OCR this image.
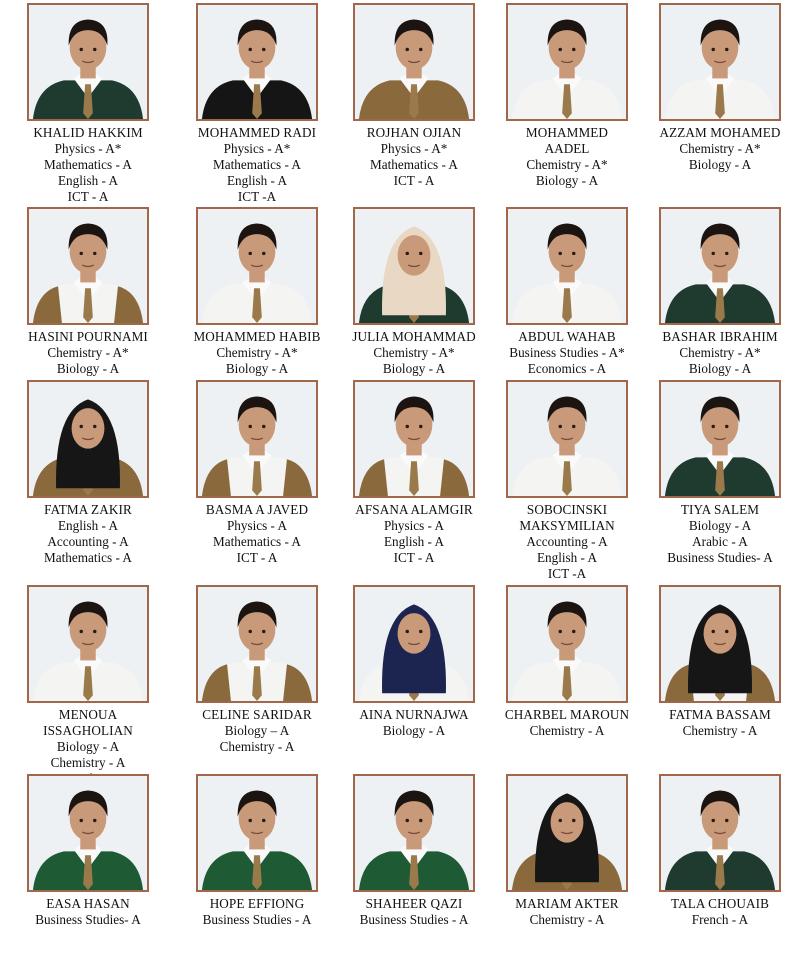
KHALID HAKKIM
Physics - A*
Mathematics - A
English - A
ICT - A
MOHAMMED RADI
Physics - A*
Mathematics - A
English - A
ICT -A
ROJHAN OJIAN
Physics - A*
Mathematics - A
ICT - A
MOHAMMED
AADEL
Chemistry - A*
Biology - A
AZZAM MOHAMED
Chemistry - A*
Biology - A
HASINI POURNAMI
Chemistry - A*
Biology - A
MOHAMMED HABIB
Chemistry - A*
Biology - A
JULIA MOHAMMAD
Chemistry - A*
Biology - A
ABDUL WAHAB
Business Studies - A*
Economics - A
BASHAR IBRAHIM
Chemistry - A*
Biology - A
FATMA ZAKIR
English - A
Accounting - A
Mathematics - A
BASMA A JAVED
Physics - A
Mathematics - A
ICT - A
AFSANA ALAMGIR
Physics - A
English - A
ICT - A
SOBOCINSKI
MAKSYMILIAN
Accounting - A
English - A
ICT -A
TIYA SALEM
Biology - A
Arabic - A
Business Studies- A
MENOUA ISSAGHOLIAN
Biology - A
Chemistry - A
CELINE SARIDAR
Biology – A
Chemistry - A
AINA NURNAJWA
Biology - A
CHARBEL MAROUN
Chemistry - A
FATMA BASSAM
Chemistry - A
EASA HASAN
Business Studies- A
HOPE EFFIONG
Business Studies - A
SHAHEER QAZI
Business Studies - A
MARIAM AKTER
Chemistry - A
TALA CHOUAIB
French - A
